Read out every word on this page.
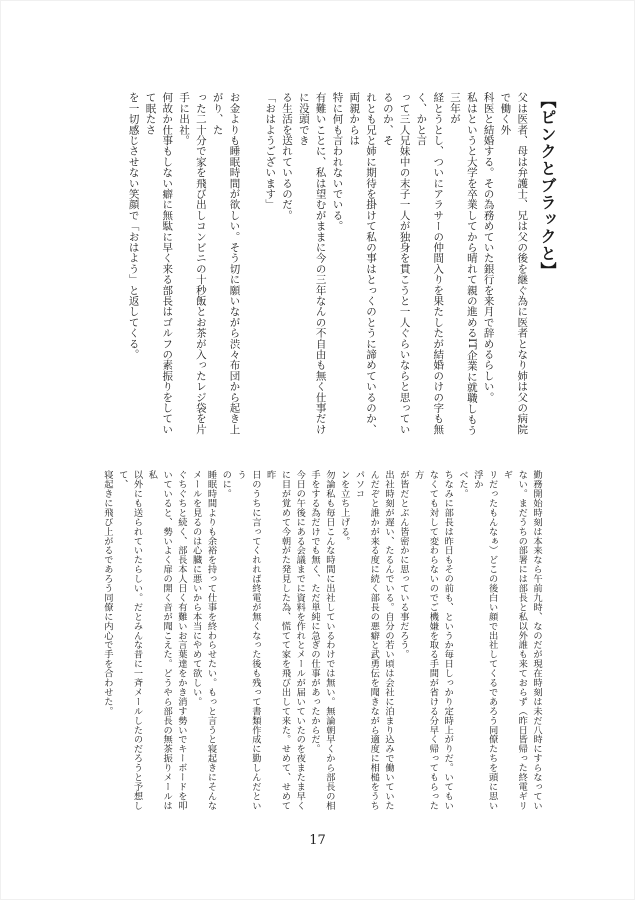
【ピンクとブラックと】

父は医者、母は弁護士、兄は父の後を継ぐ為に医者となり姉は父の病院で働く外

科医と結婚する。その為務めていた銀行を来月で辞めるらしい。

私はというと大学を卒業してから晴れて親の進めるIT企業に就職しもう三年が

経とうとし、ついにアラサーの仲間入りを果たしたが結婚のけの字も無く、かと言

って三人兄妹中の末子一人が独身を貫こうと一人ぐらいならと思っているのか、そ

れとも兄と姉に期待を掛けて私の事はとっくのとうに諦めているのか、両親からは

特に何も言われないでいる。

有難いことに、私は望むがままに今の三年なんの不自由も無く仕事だけに没頭でき

る生活を送れているのだ。

「おはようございます」

お金よりも睡眠時間が欲しい。そう切に願いながら渋々布団から起き上がり、た

った二十分で家を飛び出しコンビニの十秒飯とお茶が入ったレジ袋を片手に出社。

何故か仕事もしない癖に無駄に早く来る部長はゴルフの素振りをしていて眠たさ

を一切感じさせない笑顔で「おはよう」と返してくる。

勤務開始時刻は本来なら午前九時、なのだが現在時刻は未だ八時にすらなってい

ない。まだうちの部署には部長と私以外誰も来ておらず（昨日皆帰った終電ギリギ

リだったもんなぁ）どこの後白い顔で出社してくるであろう同僚たちを頭に思い浮か

べた。

ちなみに部長は昨日もその前も、というか毎日しっかり定時上がりだ。いてもい

なくても対して変わらないのでご機嫌を取る手間が省ける分早く帰ってもらった方

が皆だとぶん皆密かに思っている事だろう。

出社時刻が遅い、たるんでいる。自分の若い頃は会社に泊まり込みで働いていた

んだぞと誰かが来る度に続く部長の悪癖と武勇伝を聞きながら適度に相槌をうちパソコ

ンを立ち上げる。

勿論私も毎日こんな時間に出社しているわけでは無い。無論朝早くから部長の相

手をする為だけでも無く、ただ単純に急ぎの仕事があったからだ。

今日の午後にある会議までに資料を作れとメールが届いていたのを夜またま早く

に目が覚めて今朝がた発見した為、慌てて家を飛び出して来た。せめて、せめて昨

日のうちに言ってくれれば終電が無くなった後も残って書類作成に勤しんだという

のに。

睡眠時間よりも余裕を持って仕事を終わらせたい。もっと言うと寝起きにそんな

メールを見るのは心臓に悪いから本当にやめて欲しい。

ぐちぐちと続く、部長本人日く有難いお言葉達をかき消す勢いでキーボードを叩

いていると、勢いよく扉の開く音が聞こえた。どうやら部長の無茶振りメールは私

以外にも送られていたらしい。だとみんな昔に一斉メールしたのだろうと予想して、

寝起きに飛び上がるであろう同僚に内心で手を合わせた。

17
